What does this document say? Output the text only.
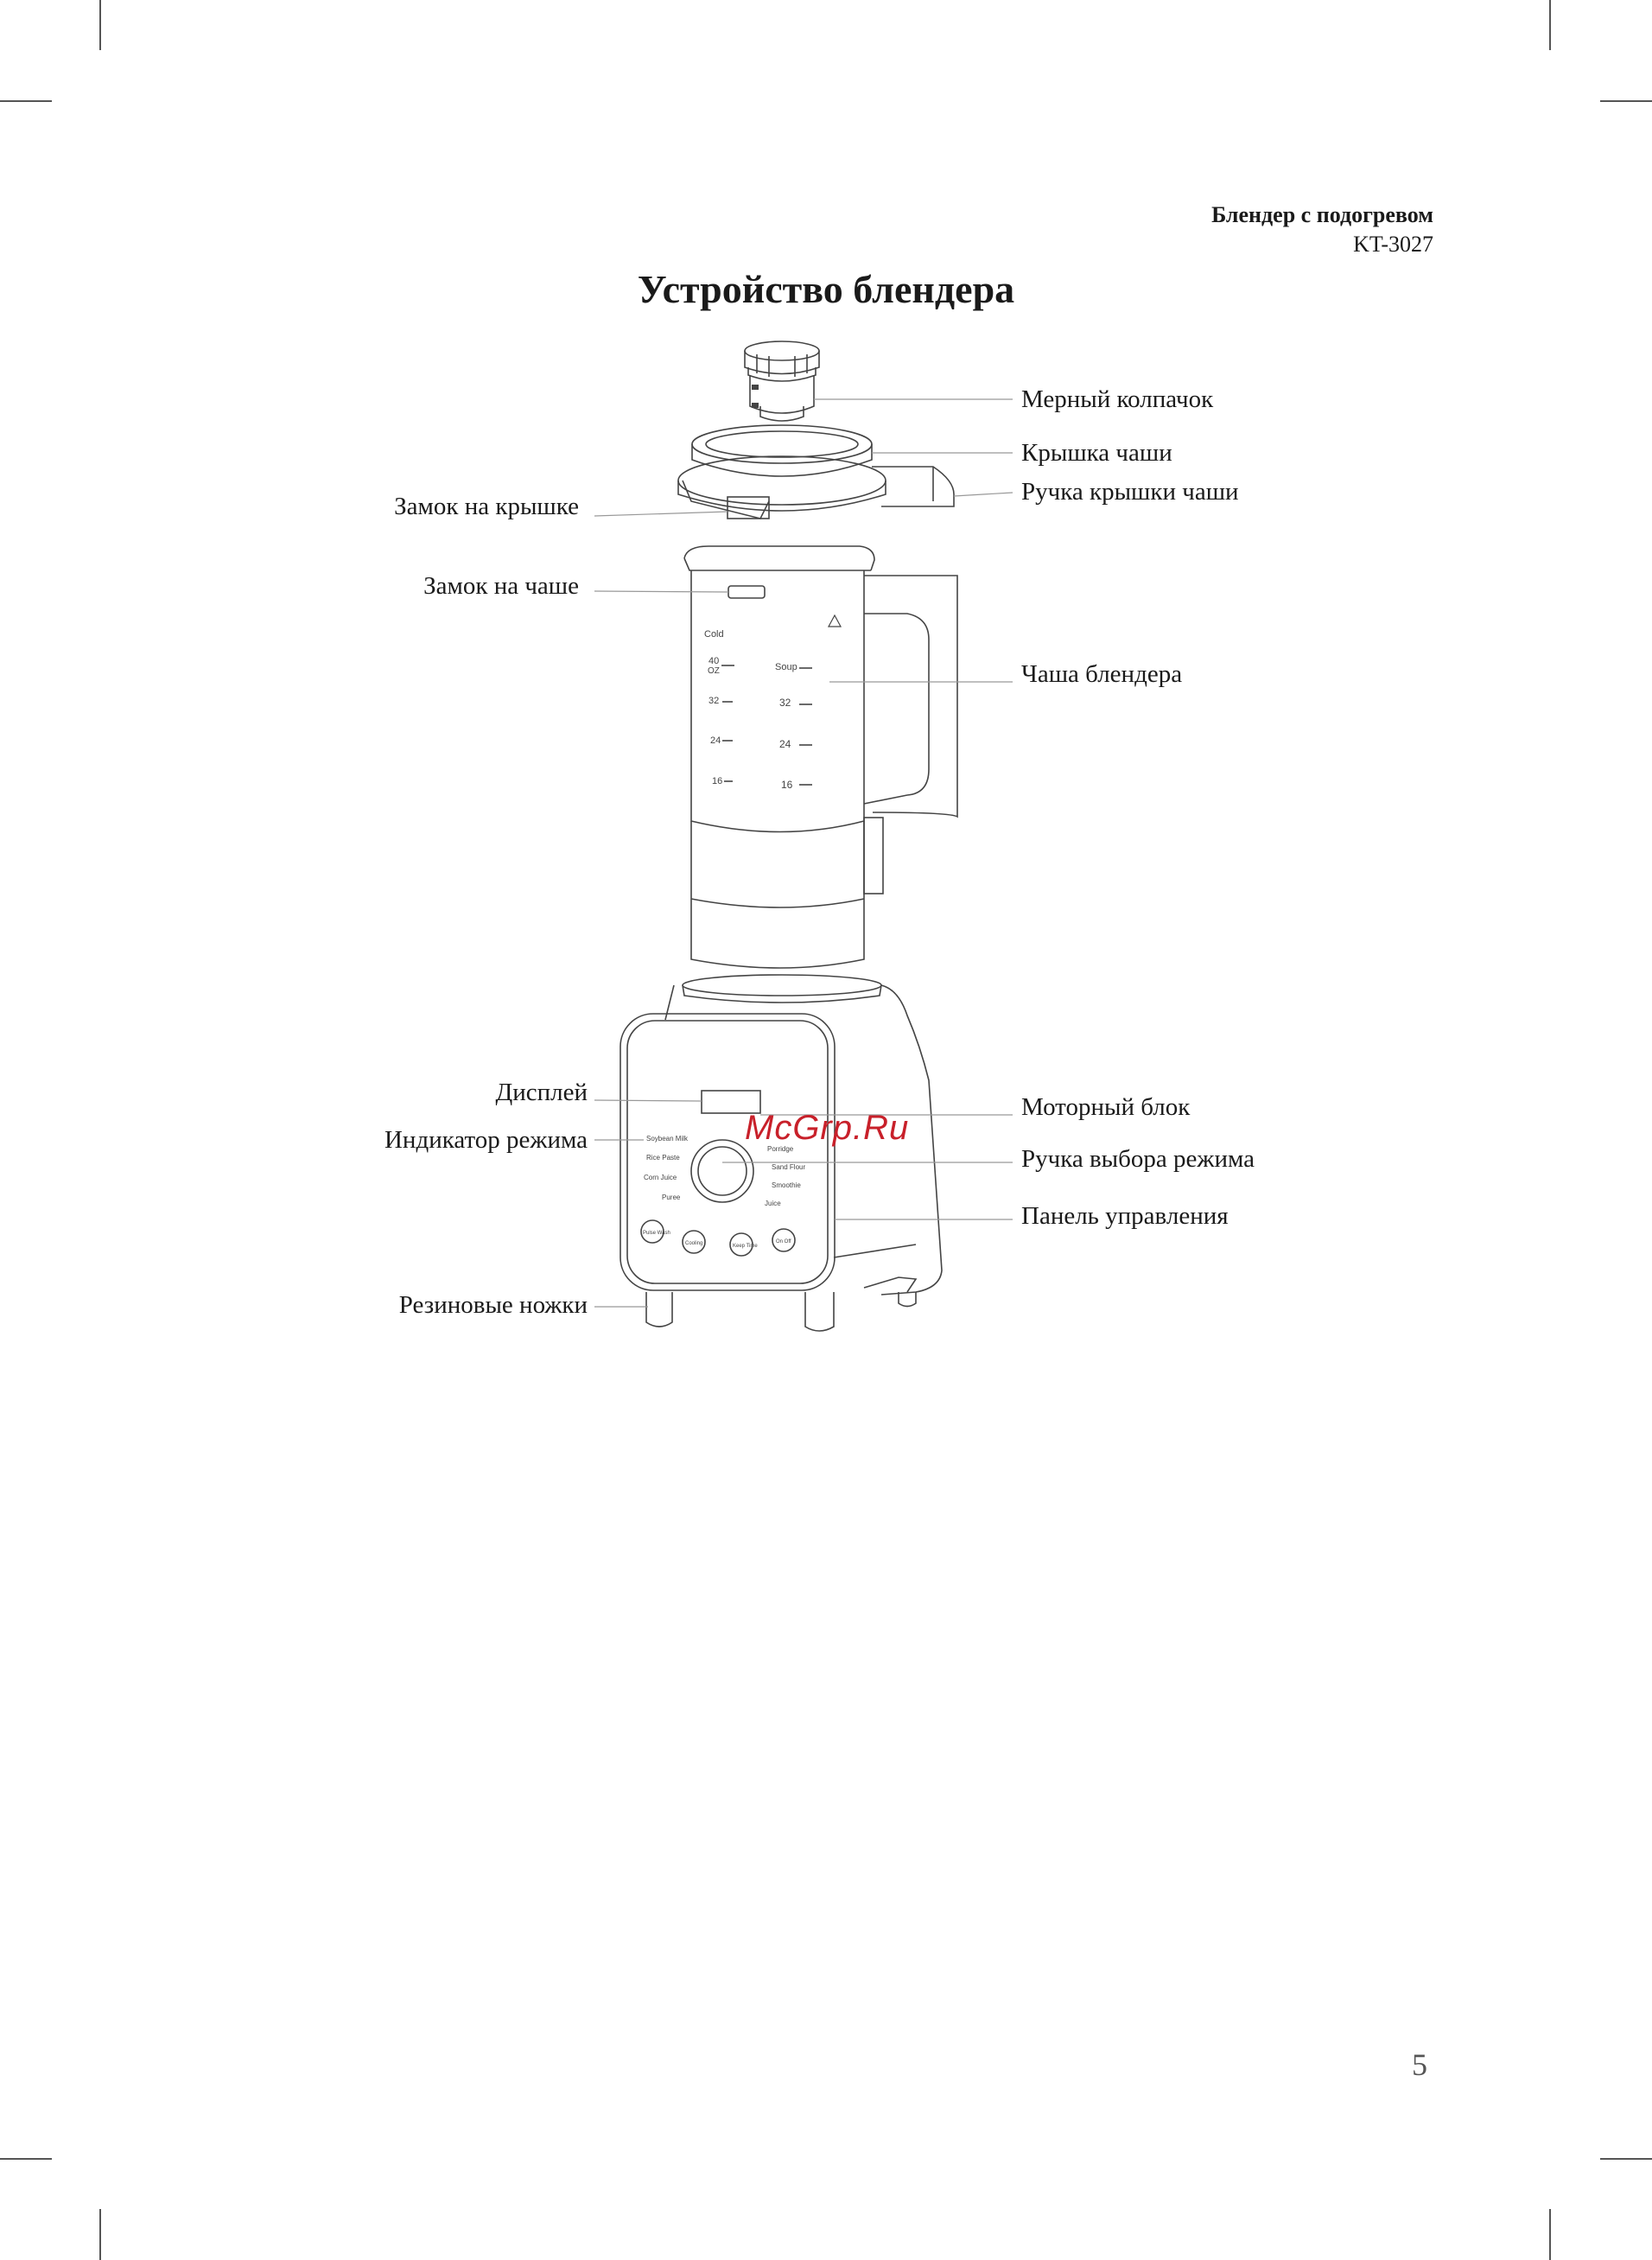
Блендер с подогревом
KT-3027
Устройство блендера
Cold
Soup
40
OZ
32
24
16
32
24
16
Soybean Milk
Rice Paste
Corn Juice
Puree
Porridge
Sand Flour
Smoothie
Juice
Pulse Wash
Cooling	Keep Time
On Off
Мерный колпачок
Крышка чаши
Ручка крышки чаши
Чаша блендера
Моторный блок
Ручка выбора режима
Панель управления
Замок на крышке
Замок на чаше
Дисплей
Индикатор режима
Резиновые ножки
McGrp.Ru
5
